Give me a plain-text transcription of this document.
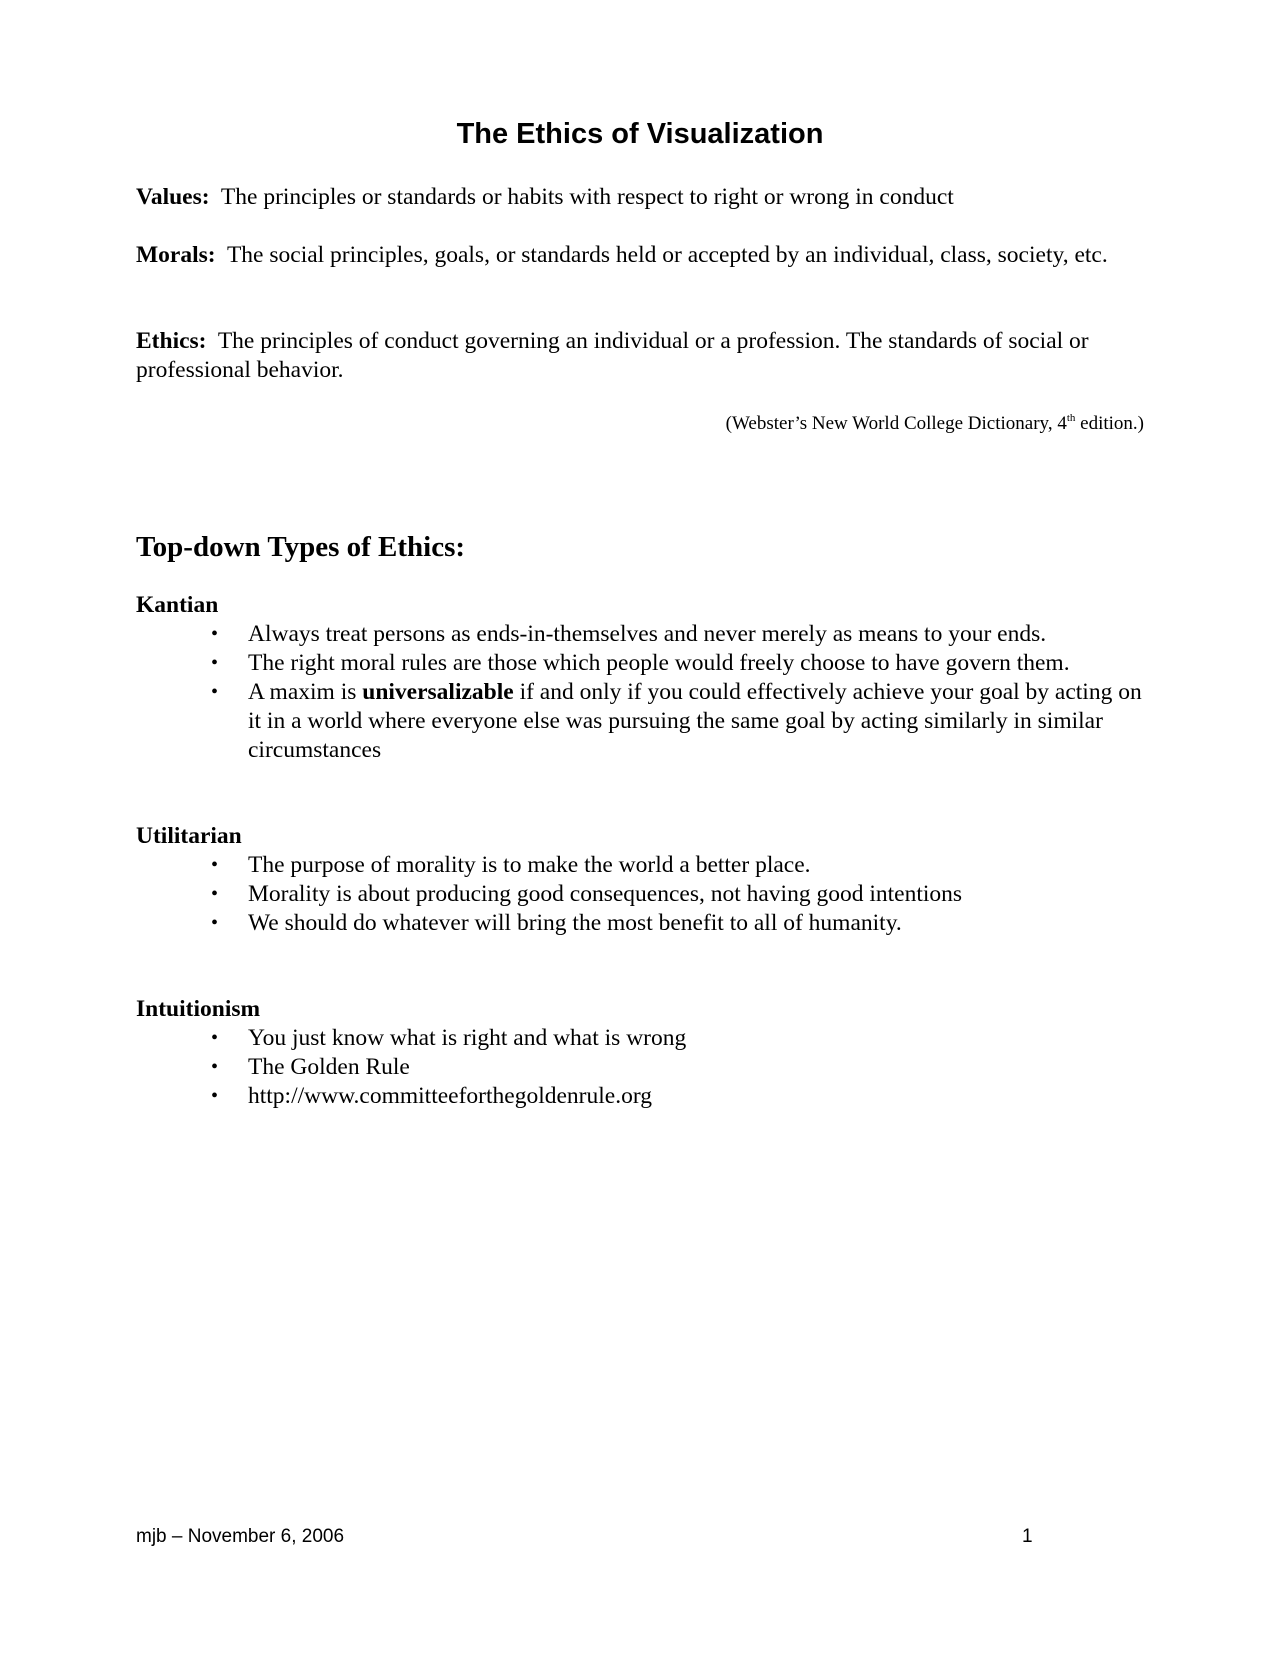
The Ethics of Visualization

Values: The principles or standards or habits with respect to right or wrong in conduct

Morals: The social principles, goals, or standards held or accepted by an individual, class, society, etc.

Ethics: The principles of conduct governing an individual or a profession. The standards of social or professional behavior.

(Webster’s New World College Dictionary, 4th edition.)

Top-down Types of Ethics:
Kantian
• Always treat persons as ends-in-themselves and never merely as means to your ends.
• The right moral rules are those which people would freely choose to have govern them.
• A maxim is universalizable if and only if you could effectively achieve your goal by acting on it in a world where everyone else was pursuing the same goal by acting similarly in similar circumstances
Utilitarian
• The purpose of morality is to make the world a better place.
• Morality is about producing good consequences, not having good intentions
• We should do whatever will bring the most benefit to all of humanity.
Intuitionism
• You just know what is right and what is wrong
• The Golden Rule
• http://www.committeeforthegoldenrule.org

mjb – November 6, 2006	1
